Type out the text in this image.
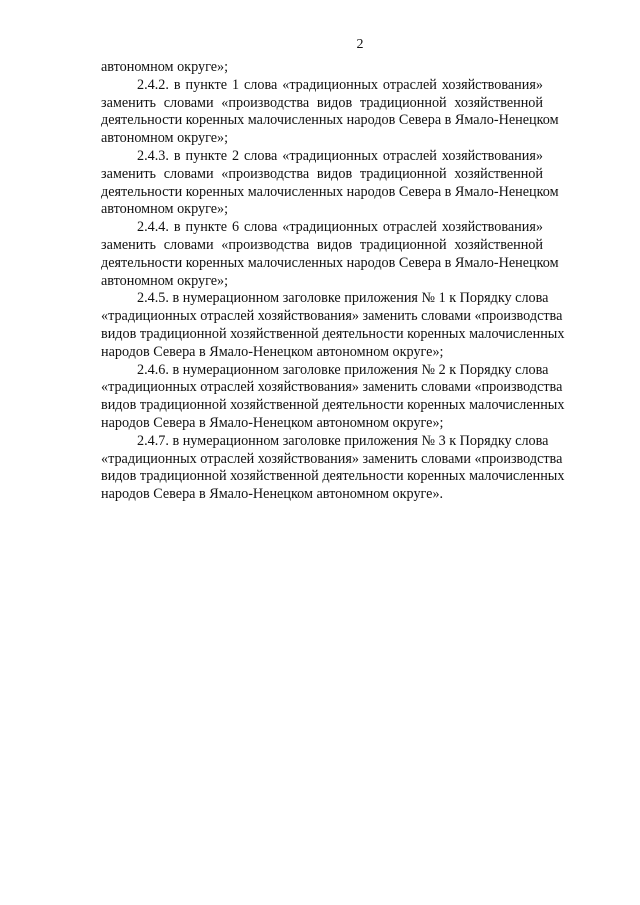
2
автономном округе»;
2.4.2. в пункте 1 слова «традиционных отраслей хозяйствования»
заменить словами «производства видов традиционной хозяйственной
деятельности коренных малочисленных народов Севера в Ямало-Ненецком
автономном округе»;
2.4.3. в пункте 2 слова «традиционных отраслей хозяйствования»
заменить словами «производства видов традиционной хозяйственной
деятельности коренных малочисленных народов Севера в Ямало-Ненецком
автономном округе»;
2.4.4. в пункте 6 слова «традиционных отраслей хозяйствования»
заменить словами «производства видов традиционной хозяйственной
деятельности коренных малочисленных народов Севера в Ямало-Ненецком
автономном округе»;
2.4.5. в нумерационном заголовке приложения № 1 к Порядку слова
«традиционных отраслей хозяйствования» заменить словами «производства
видов традиционной хозяйственной деятельности коренных малочисленных
народов Севера в Ямало-Ненецком автономном округе»;
2.4.6. в нумерационном заголовке приложения № 2 к Порядку слова
«традиционных отраслей хозяйствования» заменить словами «производства
видов традиционной хозяйственной деятельности коренных малочисленных
народов Севера в Ямало-Ненецком автономном округе»;
2.4.7. в нумерационном заголовке приложения № 3 к Порядку слова
«традиционных отраслей хозяйствования» заменить словами «производства
видов традиционной хозяйственной деятельности коренных малочисленных
народов Севера в Ямало-Ненецком автономном округе».
